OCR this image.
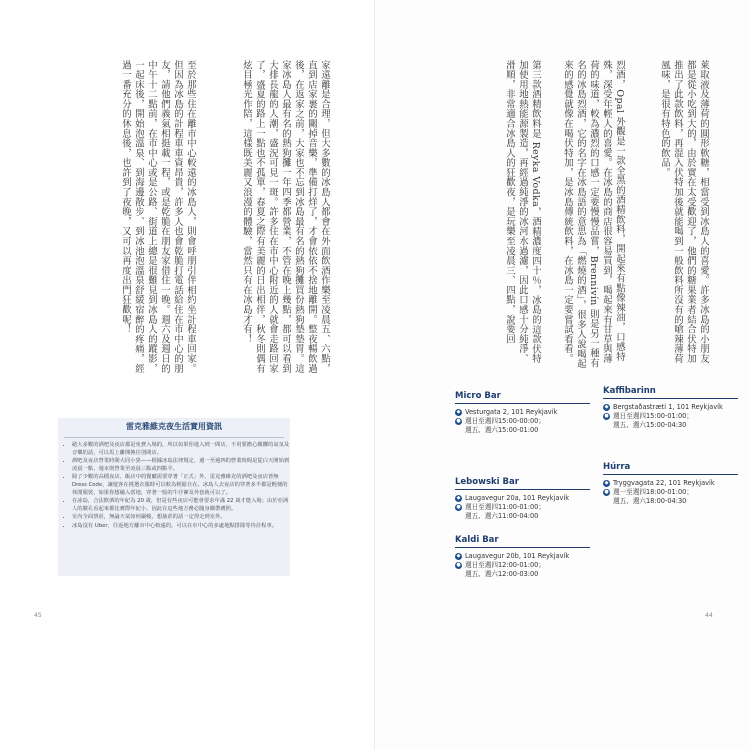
家遠離是合理，但大多數的冰島人都會在外面飲酒作樂至凌晨五、六點，直到店家裹的關掉音樂，準備打烊了，才會依依不捨地離開。整夜暢飲過後，在返家之前，大家也不忘到冰島最有名的熱狗攤買份熱狗墊墊胃。這家冰島人最有名的熱狗攤一年四季都營業，不管在晚上幾點，都可以看到大排長龍的人潮，盛況可見一斑。許多住在市中心附近的人就會走路回家了，盛夏的路上一點也不孤單，春夏之際有美麗的日出相伴，秋冬則偶有炫目極光作陪，這樣既美麗又浪漫的體驗，當然只有在冰島才有！

至於那些住在離市中心較遠的冰島人，則會呼朋引伴相約坐計程車回家。但因為冰島的計程車車資昂貴，許多人也會乾脆打電話給住在市中心的朋友，請他們義氣相挺載一程，或是乾脆在朋友家借住一晚。週六及週日的中午十二點前，在市中心或是公路、街道上總是很難見到冰島人的蹤影，一起床後，開始泡溫泉、到海邊散步、到冰池泡溫泉舒緩宿醉的疼痛，經過一番充分的休息後，也許到了夜晚，又可以再度出門狂歡呢！

雷克雅維克夜生活實用資訊
• 絕大多數的酒吧及夜店都是免費入場的，所以如果你進入到一間店，不用要擔心繳擲的氣氛及音樂的話，可以馬上離開換往別間店。
• 酒吧及夜店營業時間大同小異——根據冰島法律規定，週一至週四的營業時間是從白天開始到凌晨一點，週末則營業至凌晨三點或四點半。
• 除了少數的高檔夜店、飯店中的餐廳需要穿著「正式」外，雷克雅維克的酒吧及夜店皆無 Dress Code，讓遊客在挑選衣服時可以較為輕鬆自在。冰島人去夜店的穿著多半都是輕便的休閒服裝，如果你想融入當地，穿著一般的牛仔褲及外套就可以了。
• 在冰島，合法飲酒的年紀為 20 歲，但是有些夜店可能會要求年滿 22 歲才能入場；由於亞洲人的臉孔看起來都比實際年紀小，因此在這些地方務必隨身攜帶護照。
• 室內全面禁菸，無論天氣如何嚴峻，想抽菸的話一定得走到室外。
• 冰島沒有 Uber，往返地方離市中心較遠的，可以在市中心的多處地點排隊等待計程車。
45

萊取液及薄荷的圓形軟糖，相當受到冰島人的喜愛。許多冰島的小朋友都是從小吃到大的，由於實在太受歡迎了，他們的糖果業者結合伏特加推出了此款飲料，再混入伏特加後就能喝到一般飲料所沒有的嗆辣薄荷風味，是很有特色的飲品。

烈酒，Opal 外觀是一款全黑的酒精飲料，開起來有點像辣油，口感特殊，深受年輕人的喜愛。在冰島的商店很容易買到，喝起來有甘草與薄荷的味道，較為濃烈的口感一定要慢慢品嘗，Brennivín 則是另一種有名的冰島烈酒，它的名字在冰島語的意思為「燃燒的酒」，很多人說喝起來的感覺就像在喝伏特加，是冰島傳統飲料，在冰島一定要嘗試看看。

第三款酒精飲料是 Reyka Vodka，酒精濃度四十％，冰島的這款伏特加使用地熱能源製造，再經過純淨的冰河水過濾，因此口感十分純淨、滑順，非常適合冰島人的狂歡夜，是玩樂至凌晨三、四點，說要回

Micro Bar
◆ Vesturgata 2, 101 Reykjavík
● 週日至週四15:00-00:00；
週五、週六15:00-01:00
Lebowski Bar
◆ Laugavegur 20a, 101 Reykjavík
● 週日至週四11:00-01:00；
週五、週六11:00-04:00
Kaldi Bar
◆ Laugavegur 20b, 101 Reykjavík
● 週日至週四12:00-01:00；
週五、週六12:00-03:00
Kaffibarinn
◆ Bergstaðastræti 1, 101 Reykjavík
● 週日至週四15:00-01:00；
週五、週六15:00-04:30
Húrra
◆ Tryggvagata 22, 101 Reykjavík
● 週一至週四18:00-01:00；
週五、週六18:00-04:30
44
